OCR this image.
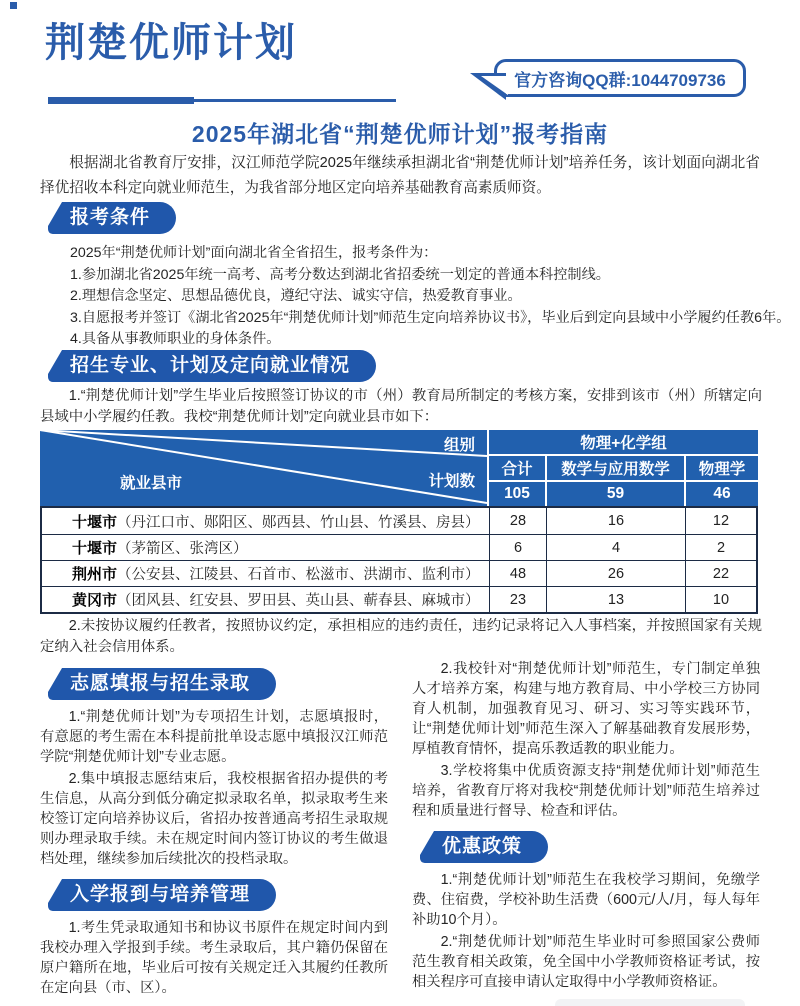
荆楚优师计划
官方咨询QQ群:1044709736
2025年湖北省“荆楚优师计划”报考指南
根据湖北省教育厅安排，汉江师范学院2025年继续承担湖北省“荆楚优师计划”培养任务，该计划面向湖北省择优招收本科定向就业师范生，为我省部分地区定向培养基础教育高素质师资。
报考条件
2025年“荆楚优师计划”面向湖北省全省招生，报考条件为：
1.参加湖北省2025年统一高考、高考分数达到湖北省招委统一划定的普通本科控制线。
2.理想信念坚定、思想品德优良，遵纪守法、诚实守信，热爱教育事业。
3.自愿报考并签订《湖北省2025年“荆楚优师计划”师范生定向培养协议书》，毕业后到定向县域中小学履约任教6年。
4.具备从事教师职业的身体条件。
招生专业、计划及定向就业情况
1.“荆楚优师计划”学生毕业后按照签订协议的市（州）教育局所制定的考核方案，安排到该市（州）所辖定向县域中小学履约任教。我校“荆楚优师计划”定向就业县市如下：
组别
计划数
就业县市
物理+化学组
合计	数学与应用数学	物理学
105	59	46
十堰市 （丹江口市、郧阳区、郧西县、竹山县、竹溪县、房县）	28	16	12
十堰市 （茅箭区、张湾区）	6	4	2
荆州市 （公安县、江陵县、石首市、松滋市、洪湖市、监利市）	48	26	22
黄冈市 （团风县、红安县、罗田县、英山县、蕲春县、麻城市）	23	13	10
2.未按协议履约任教者，按照协议约定，承担相应的违约责任，违约记录将记入人事档案，并按照国家有关规定纳入社会信用体系。
志愿填报与招生录取
1.“荆楚优师计划”为专项招生计划，志愿填报时，有意愿的考生需在本科提前批单设志愿中填报汉江师范学院“荆楚优师计划”专业志愿。
2.集中填报志愿结束后，我校根据省招办提供的考生信息，从高分到低分确定拟录取名单，拟录取考生来校签订定向培养协议后，省招办按普通高考招生录取规则办理录取手续。未在规定时间内签订协议的考生做退档处理，继续参加后续批次的投档录取。
入学报到与培养管理
1.考生凭录取通知书和协议书原件在规定时间内到我校办理入学报到手续。考生录取后，其户籍仍保留在原户籍所在地，毕业后可按有关规定迁入其履约任教所在定向县（市、区）。
2.我校针对“荆楚优师计划”师范生，专门制定单独人才培养方案，构建与地方教育局、中小学校三方协同育人机制，加强教育见习、研习、实习等实践环节，让“荆楚优师计划”师范生深入了解基础教育发展形势，厚植教育情怀，提高乐教适教的职业能力。
3.学校将集中优质资源支持“荆楚优师计划”师范生培养，省教育厅将对我校“荆楚优师计划”师范生培养过程和质量进行督导、检查和评估。
优惠政策
1.“荆楚优师计划”师范生在我校学习期间，免缴学费、住宿费，学校补助生活费（600元/人/月，每人每年补助10个月）。
2.“荆楚优师计划”师范生毕业时可参照国家公费师范生教育相关政策，免全国中小学教师资格证考试，按相关程序可直接申请认定取得中小学教师资格证。
